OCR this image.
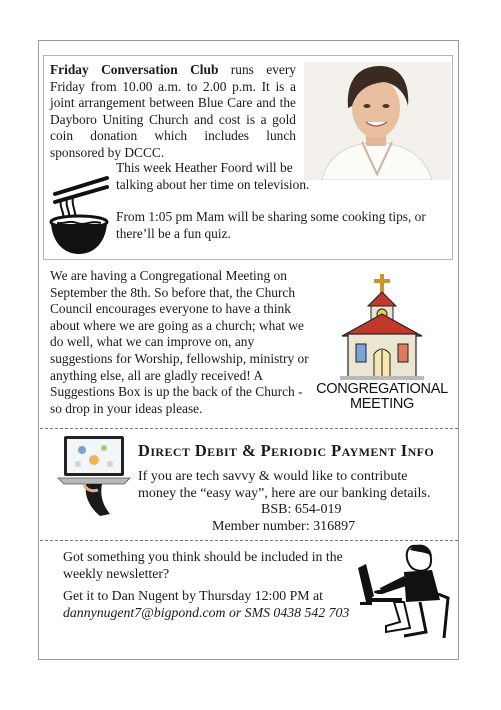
Friday Conversation Club runs every Friday from 10.00 a.m. to 2.00 p.m. It is a joint arrangement between Blue Care and the Dayboro Uniting Church and cost is a gold coin donation which includes lunch sponsored by DCCC.
This week Heather Foord will be talking about her time on television.
From 1:05 pm Mam will be sharing some cooking tips, or there’ll be a fun quiz.
We are having a Congregational Meeting on September the 8th. So before that, the Church Council encourages everyone to have a think about where we are going as a church; what we do well, what we can improve on, any suggestions for Worship, fellowship, ministry or anything else, all are gladly received! A Suggestions Box is up the back of the Church - so drop in your ideas please.
CONGREGATIONAL
MEETING
Direct Debit & Periodic Payment Info
If you are tech savvy & would like to contribute money the “easy way”, here are our banking details.
BSB: 654-019
Member number: 316897
Got something you think should be included in the weekly newsletter?
Get it to Dan Nugent by Thursday 12:00 PM at
dannynugent7@bigpond.com or SMS 0438 542 703
